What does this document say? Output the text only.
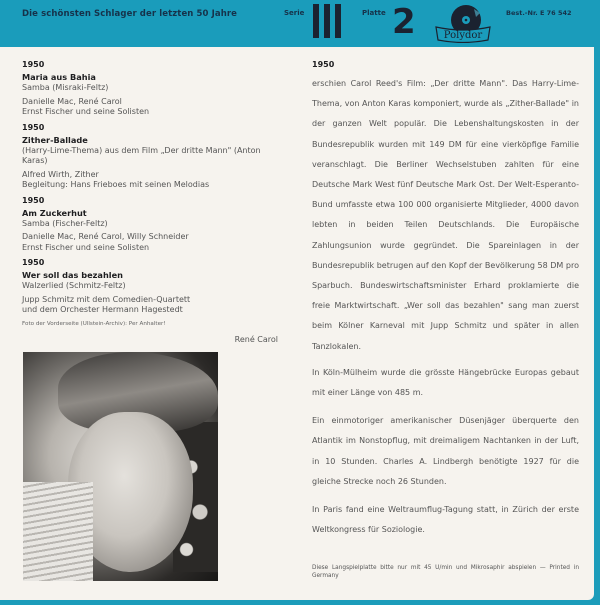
Die schönsten Schlager der letzten 50 Jahre	Serie	Platte 2	Polydor
Best.-Nr. E 76 542
1950
Maria aus Bahia
Samba (Misraki-Feltz)
Danielle Mac, René Carol
Ernst Fischer und seine Solisten
1950
Zither-Ballade
(Harry-Lime-Thema) aus dem Film „Der dritte Mann" (Anton Karas)
Alfred Wirth, Zither
Begleitung: Hans Frieboes mit seinen Melodias
1950
Am Zuckerhut
Samba (Fischer-Feltz)
Danielle Mac, René Carol, Willy Schneider
Ernst Fischer und seine Solisten
1950
Wer soll das bezahlen
Walzerlied (Schmitz-Feltz)
Jupp Schmitz mit dem Comedien-Quartett
und dem Orchester Hermann Hagestedt
Foto der Vorderseite (Ullstein-Archiv): Per Anhalter!
René Carol
1950

erschien Carol Reed's Film: „Der dritte Mann". Das Harry-Lime-Thema, von Anton Karas komponiert, wurde als „Zither-Ballade" in der ganzen Welt populär. Die Lebenshaltungskosten in der Bundesrepublik wurden mit 149 DM für eine vierköpfige Familie veranschlagt. Die Berliner Wechselstuben zahlten für eine Deutsche Mark West fünf Deutsche Mark Ost. Der Welt-Esperanto-Bund umfasste etwa 100 000 organisierte Mitglieder, 4000 davon lebten in beiden Teilen Deutschlands. Die Europäische Zahlungsunion wurde gegründet. Die Spareinlagen in der Bundesrepublik betrugen auf den Kopf der Bevölkerung 58 DM pro Sparbuch. Bundeswirtschaftsminister Erhard proklamierte die freie Marktwirtschaft. „Wer soll das bezahlen" sang man zuerst beim Kölner Karneval mit Jupp Schmitz und später in allen Tanzlokalen.

In Köln-Mülheim wurde die grösste Hängebrücke Europas gebaut mit einer Länge von 485 m.

Ein einmotoriger amerikanischer Düsenjäger überquerte den Atlantik im Nonstopflug, mit dreimaligem Nachtanken in der Luft, in 10 Stunden. Charles A. Lindbergh benötigte 1927 für die gleiche Strecke noch 26 Stunden.

In Paris fand eine Weltraumflug-Tagung statt, in Zürich der erste Weltkongress für Soziologie.

Diese Langspielplatte bitte nur mit 45 U/min und Mikrosaphir abspielen — Printed in Germany
